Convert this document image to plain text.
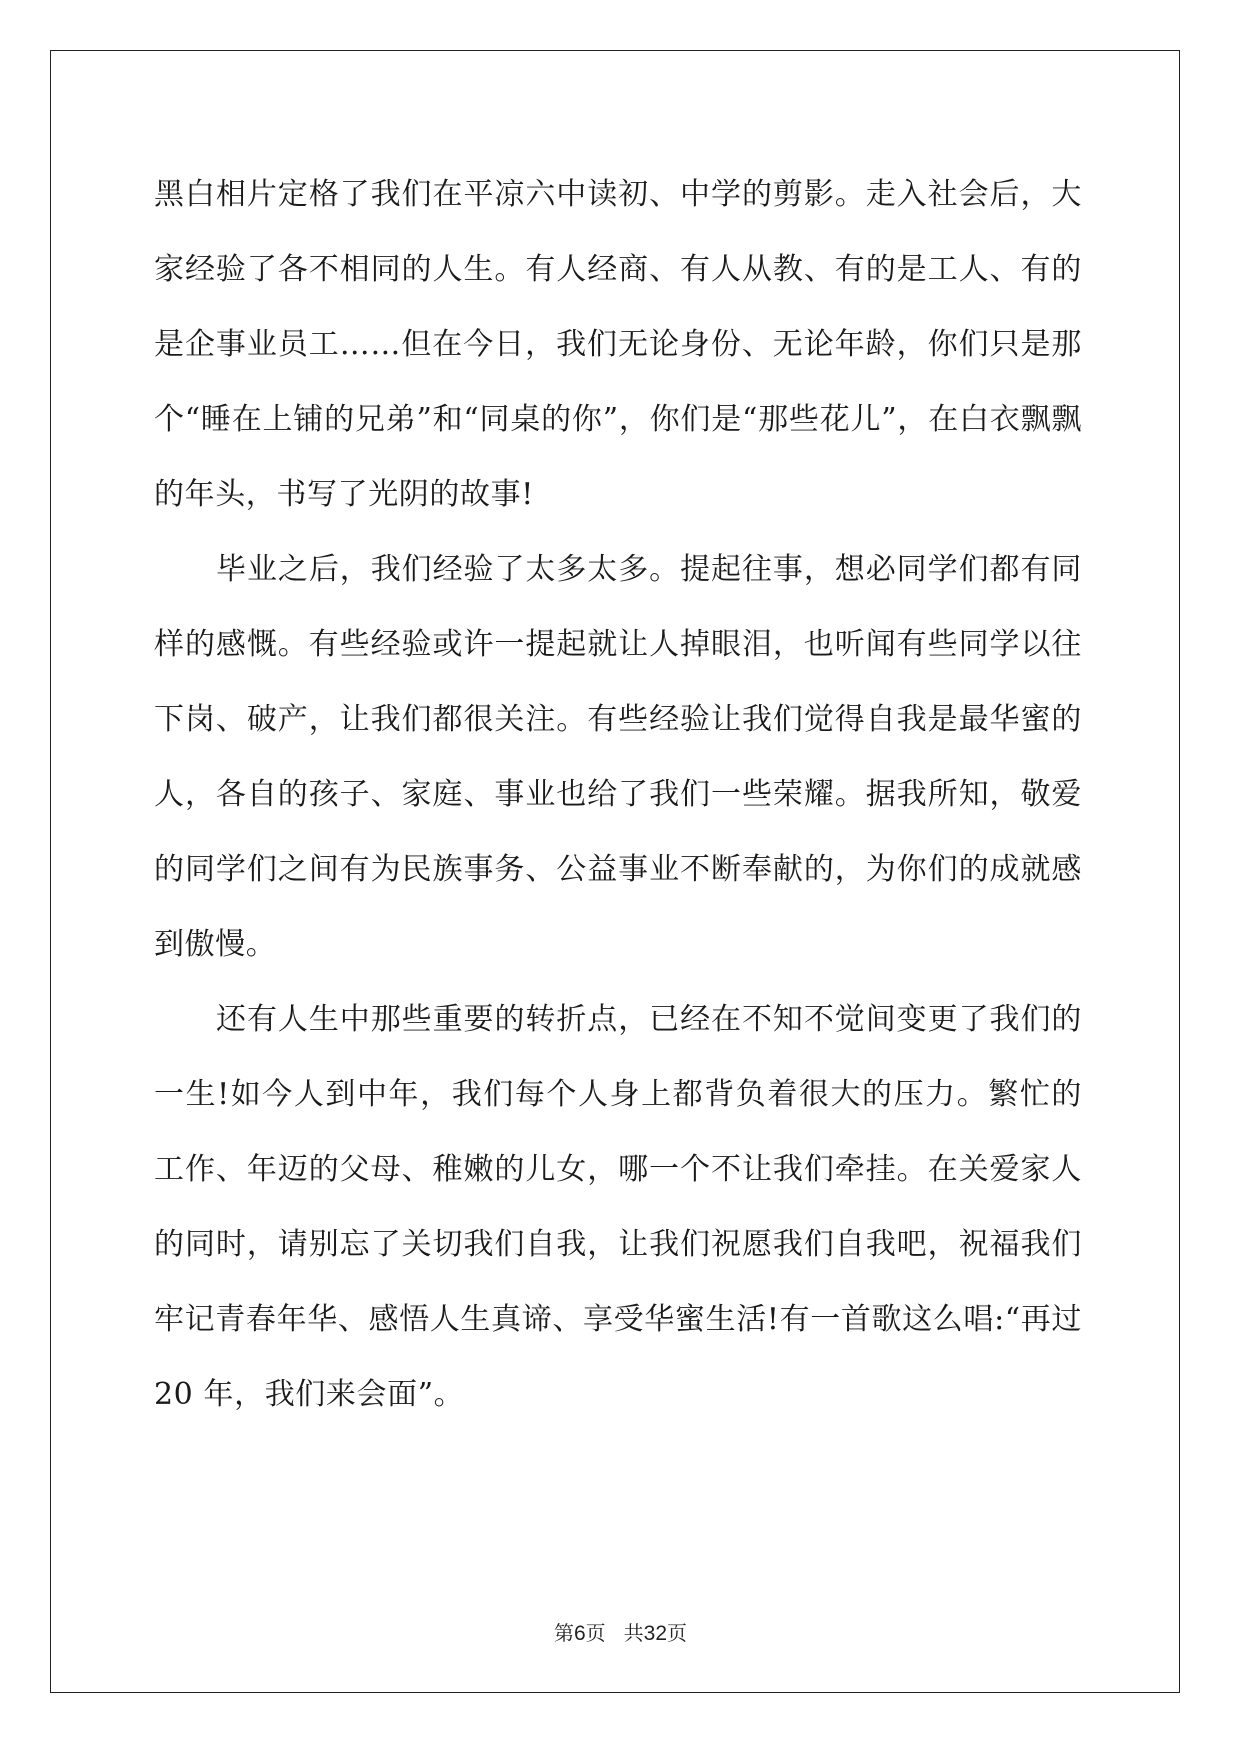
黑白相片定格了我们在平凉六中读初、中学的剪影。走入社会后，大家经验了各不相同的人生。有人经商、有人从教、有的是工人、有的是企事业员工……但在今日，我们无论身份、无论年龄，你们只是那个“睡在上铺的兄弟”和“同桌的你”，你们是“那些花儿”，在白衣飘飘的年头，书写了光阴的故事!

毕业之后，我们经验了太多太多。提起往事，想必同学们都有同样的感慨。有些经验或许一提起就让人掉眼泪，也听闻有些同学以往下岗、破产，让我们都很关注。有些经验让我们觉得自我是最华蜜的人，各自的孩子、家庭、事业也给了我们一些荣耀。据我所知，敬爱的同学们之间有为民族事务、公益事业不断奉献的，为你们的成就感到傲慢。

还有人生中那些重要的转折点，已经在不知不觉间变更了我们的一生!如今人到中年，我们每个人身上都背负着很大的压力。繁忙的工作、年迈的父母、稚嫩的儿女，哪一个不让我们牵挂。在关爱家人的同时，请别忘了关切我们自我，让我们祝愿我们自我吧，祝福我们牢记青春年华、感悟人生真谛、享受华蜜生活!有一首歌这么唱:“再过 20 年，我们来会面”。

第6页 共32页
